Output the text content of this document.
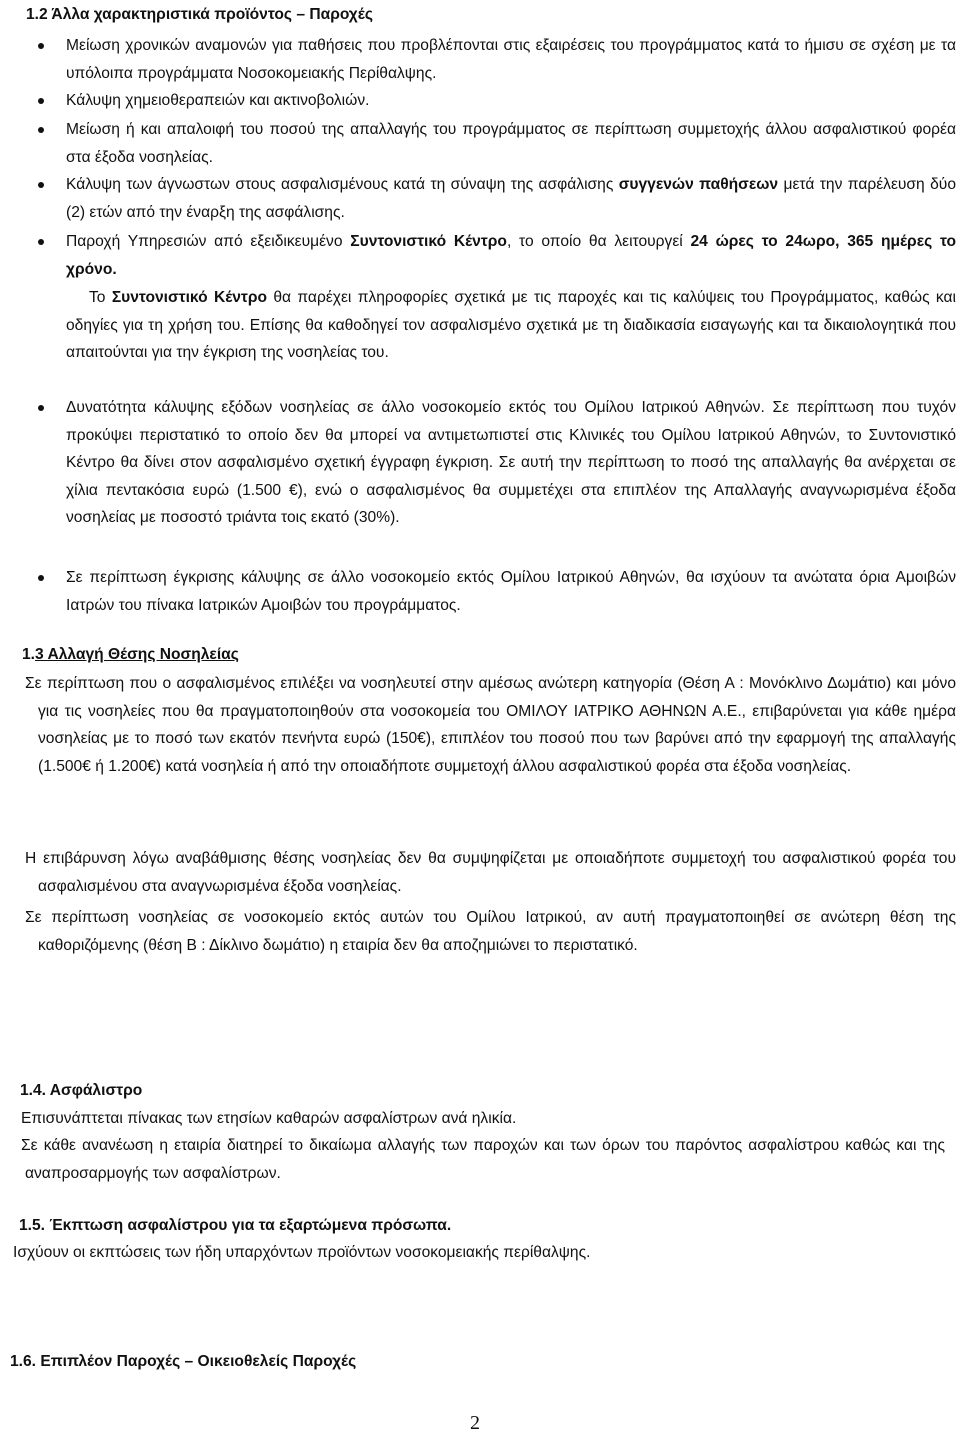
1.2 Άλλα χαρακτηριστικά προϊόντος – Παροχές
Μείωση χρονικών αναμονών για παθήσεις που προβλέπονται στις εξαιρέσεις του προγράμματος κατά το ήμισυ σε σχέση με τα υπόλοιπα προγράμματα Νοσοκομειακής Περίθαλψης.
Κάλυψη χημειοθεραπειών και ακτινοβολιών.
Μείωση ή και απαλοιφή του ποσού της απαλλαγής του προγράμματος σε περίπτωση συμμετοχής άλλου ασφαλιστικού φορέα στα έξοδα νοσηλείας.
Κάλυψη των άγνωστων στους ασφαλισμένους κατά τη σύναψη της ασφάλισης συγγενών παθήσεων μετά την παρέλευση δύο (2) ετών από την έναρξη της ασφάλισης.
Παροχή Υπηρεσιών από εξειδικευμένο Συντονιστικό Κέντρο, το οποίο θα λειτουργεί 24 ώρες το 24ωρο, 365 ημέρες το χρόνο.
Το Συντονιστικό Κέντρο θα παρέχει πληροφορίες σχετικά με τις παροχές και τις καλύψεις του Προγράμματος, καθώς και οδηγίες για τη χρήση του. Επίσης θα καθοδηγεί τον ασφαλισμένο σχετικά με τη διαδικασία εισαγωγής και τα δικαιολογητικά που απαιτούνται για την έγκριση της νοσηλείας του.
Δυνατότητα κάλυψης εξόδων νοσηλείας σε άλλο νοσοκομείο εκτός του Ομίλου Ιατρικού Αθηνών. Σε περίπτωση που τυχόν προκύψει περιστατικό το οποίο δεν θα μπορεί να αντιμετωπιστεί στις Κλινικές του Ομίλου Ιατρικού Αθηνών, το Συντονιστικό Κέντρο θα δίνει στον ασφαλισμένο σχετική έγγραφη έγκριση. Σε αυτή την περίπτωση το ποσό της απαλλαγής θα ανέρχεται σε χίλια πεντακόσια ευρώ (1.500 €), ενώ ο ασφαλισμένος θα συμμετέχει στα επιπλέον της Απαλλαγής αναγνωρισμένα έξοδα νοσηλείας με ποσοστό τριάντα τοις εκατό (30%).
Σε περίπτωση έγκρισης κάλυψης σε άλλο νοσοκομείο εκτός Ομίλου Ιατρικού Αθηνών, θα ισχύουν τα ανώτατα όρια Αμοιβών Ιατρών του πίνακα Ιατρικών Αμοιβών του προγράμματος.
1.3 Αλλαγή Θέσης Νοσηλείας
Σε περίπτωση που ο ασφαλισμένος επιλέξει να νοσηλευτεί στην αμέσως ανώτερη κατηγορία (Θέση Α : Μονόκλινο Δωμάτιο) και μόνο για τις νοσηλείες που θα πραγματοποιηθούν στα νοσοκομεία του ΟΜΙΛΟΥ ΙΑΤΡΙΚΟ ΑΘΗΝΩΝ Α.Ε., επιβαρύνεται για κάθε ημέρα νοσηλείας με το ποσό των εκατόν πενήντα ευρώ (150€), επιπλέον του ποσού που των βαρύνει από την εφαρμογή της απαλλαγής (1.500€ ή 1.200€) κατά νοσηλεία ή από την οποιαδήποτε συμμετοχή άλλου ασφαλιστικού φορέα στα έξοδα νοσηλείας.
Η επιβάρυνση λόγω αναβάθμισης θέσης νοσηλείας δεν θα συμψηφίζεται με οποιαδήποτε συμμετοχή του ασφαλιστικού φορέα του ασφαλισμένου στα αναγνωρισμένα έξοδα νοσηλείας.
Σε περίπτωση νοσηλείας σε νοσοκομείο εκτός αυτών του Ομίλου Ιατρικού, αν αυτή πραγματοποιηθεί σε ανώτερη θέση της καθοριζόμενης (θέση Β : Δίκλινο δωμάτιο) η εταιρία δεν θα αποζημιώνει το περιστατικό.
1.4. Ασφάλιστρο
Επισυνάπτεται πίνακας των ετησίων καθαρών ασφαλίστρων ανά ηλικία.
Σε κάθε ανανέωση η εταιρία διατηρεί το δικαίωμα αλλαγής των παροχών και των όρων του παρόντος ασφαλίστρου καθώς και της αναπροσαρμογής των ασφαλίστρων.
1.5. Έκπτωση ασφαλίστρου για τα εξαρτώμενα πρόσωπα.
Ισχύουν οι εκπτώσεις των ήδη υπαρχόντων προϊόντων νοσοκομειακής περίθαλψης.
1.6. Επιπλέον Παροχές – Οικειοθελείς Παροχές
2
